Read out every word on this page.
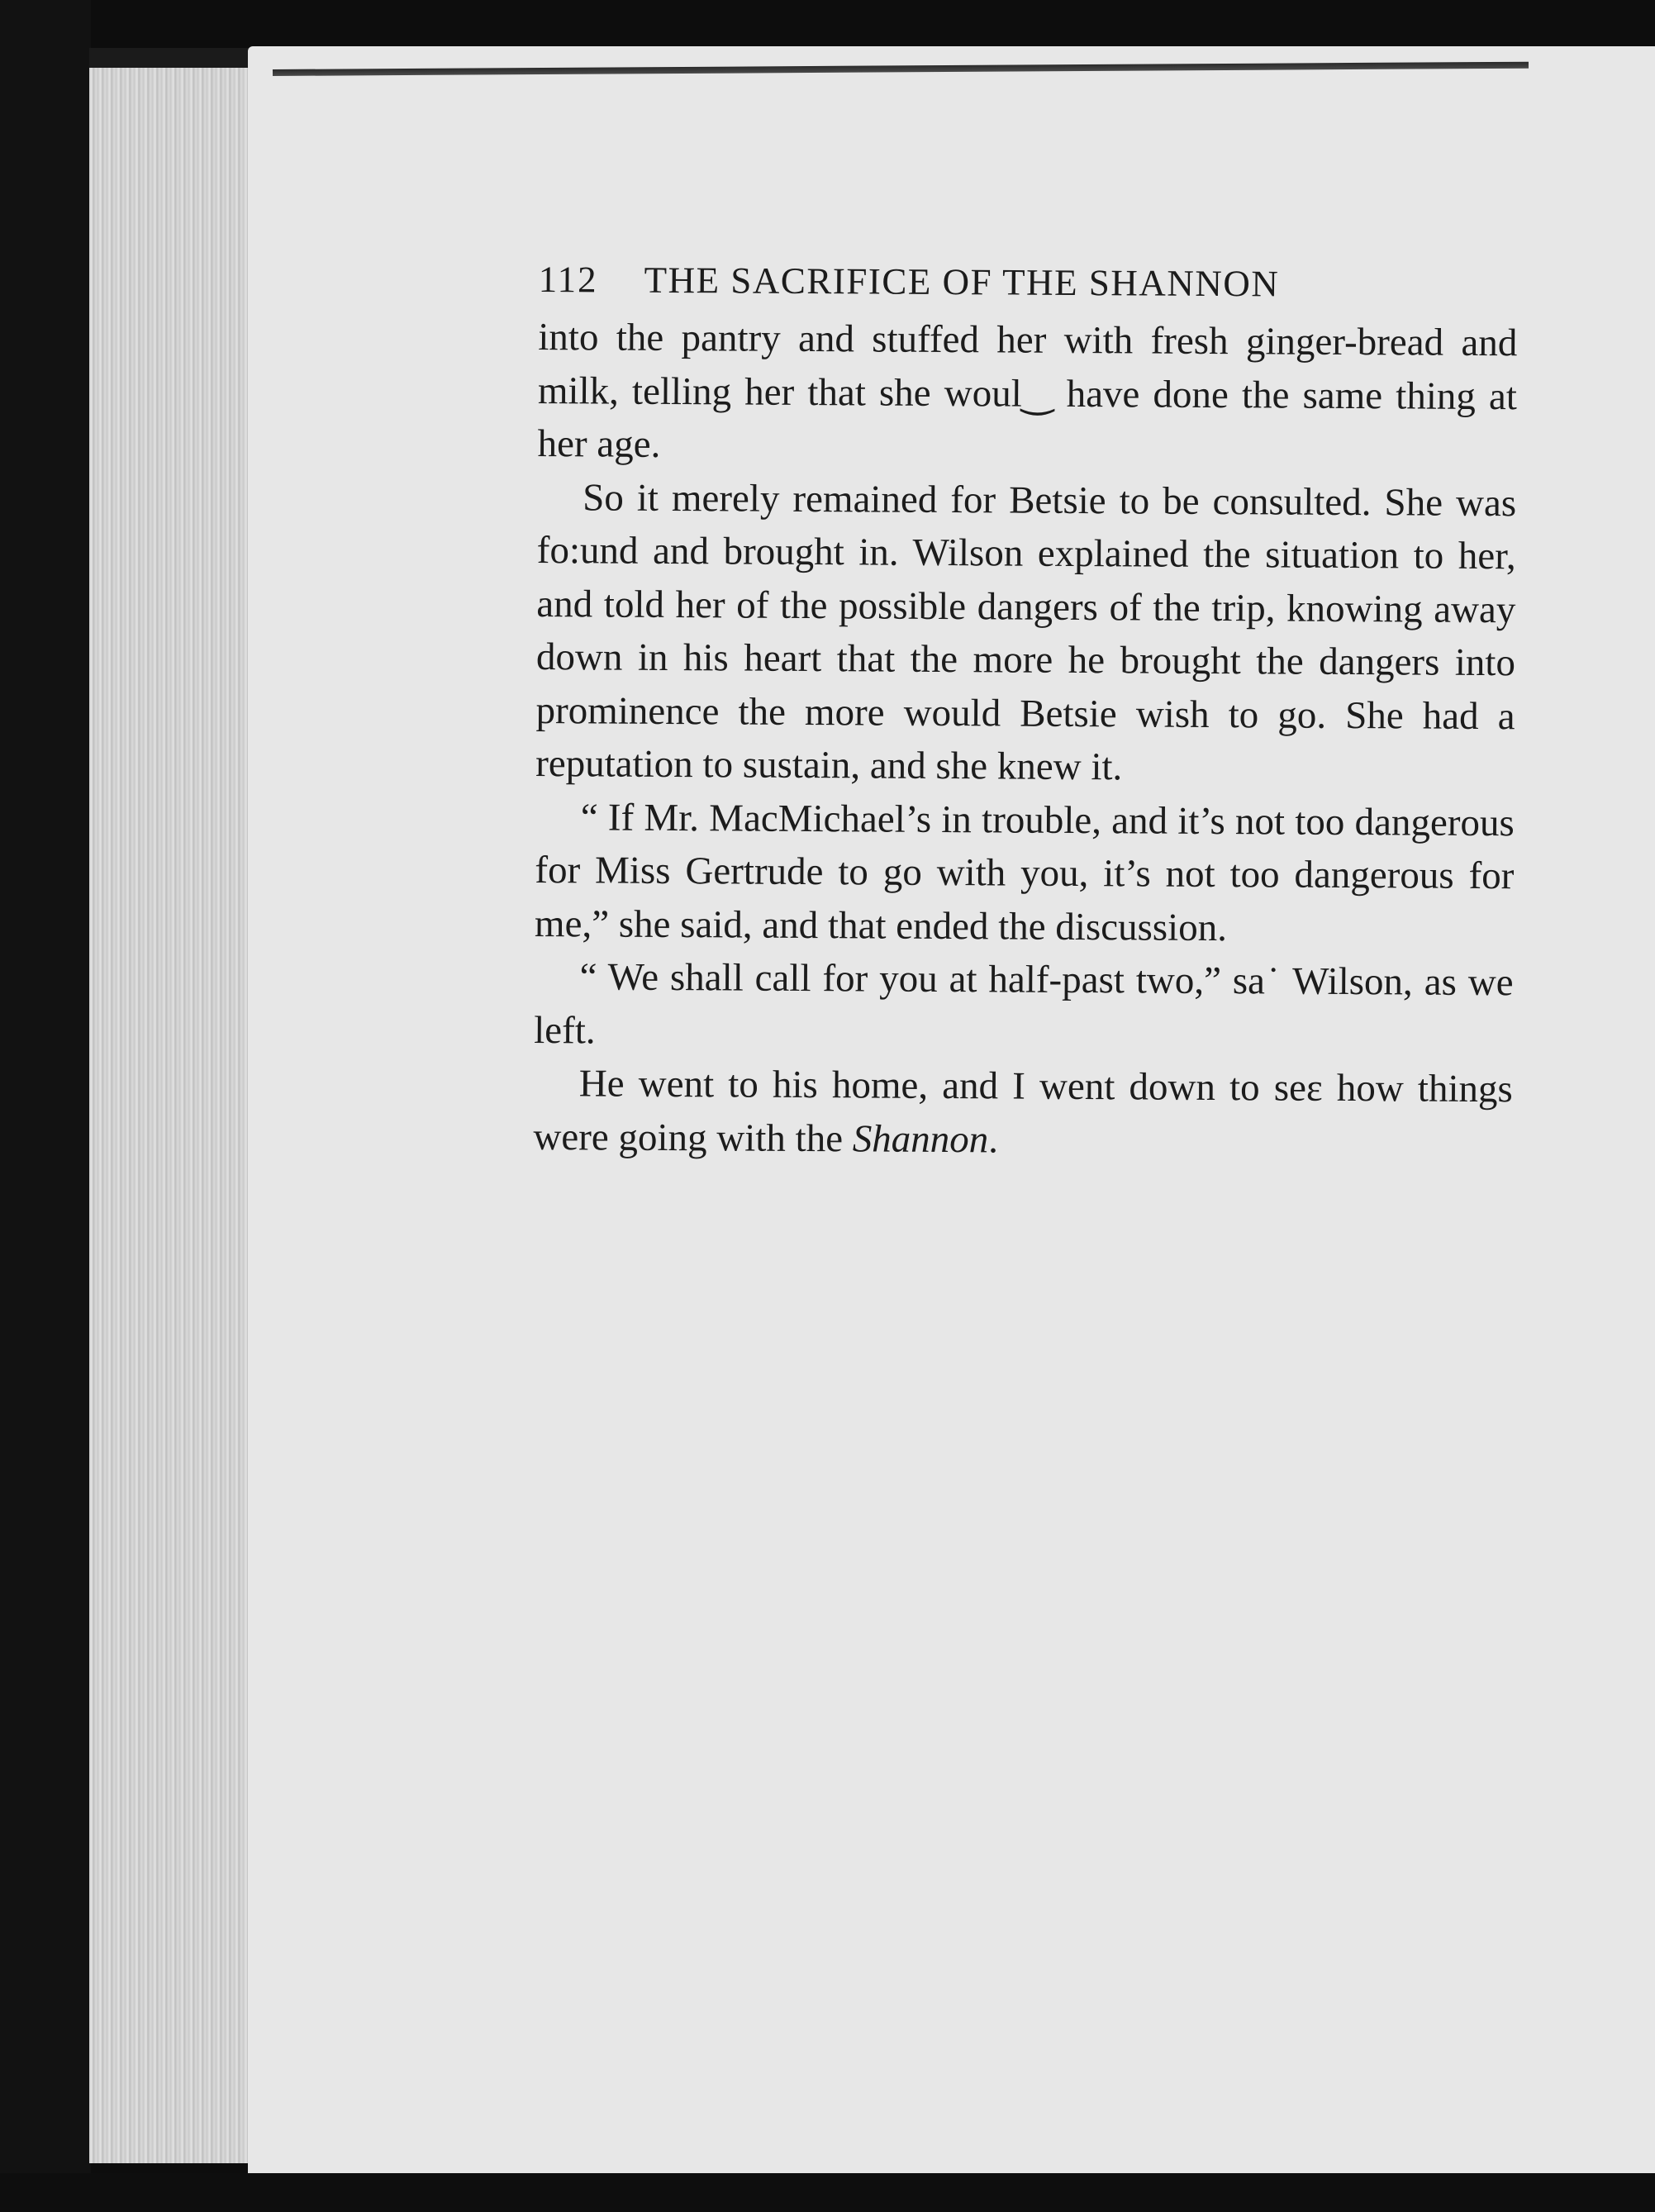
112 THE SACRIFICE OF THE SHANNON

into the pantry and stuffed her with fresh ginger-bread and milk, telling her that she woul‿ have done the same thing at her age.

So it merely remained for Betsie to be consulted. She was fo:und and brought in. Wilson explained the situation to her, and told her of the possible dangers of the trip, knowing away down in his heart that the more he brought the dangers into prominence the more would Betsie wish to go. She had a reputation to sustain, and she knew it.

“ If Mr. MacMichael’s in trouble, and it’s not too dangerous for Miss Gertrude to go with you, it’s not too dangerous for me,” she said, and that ended the discussion.

“ We shall call for you at half-past two,” sa˙ Wilson, as we left.

He went to his home, and I went down to seε how things were going with the Shannon.
